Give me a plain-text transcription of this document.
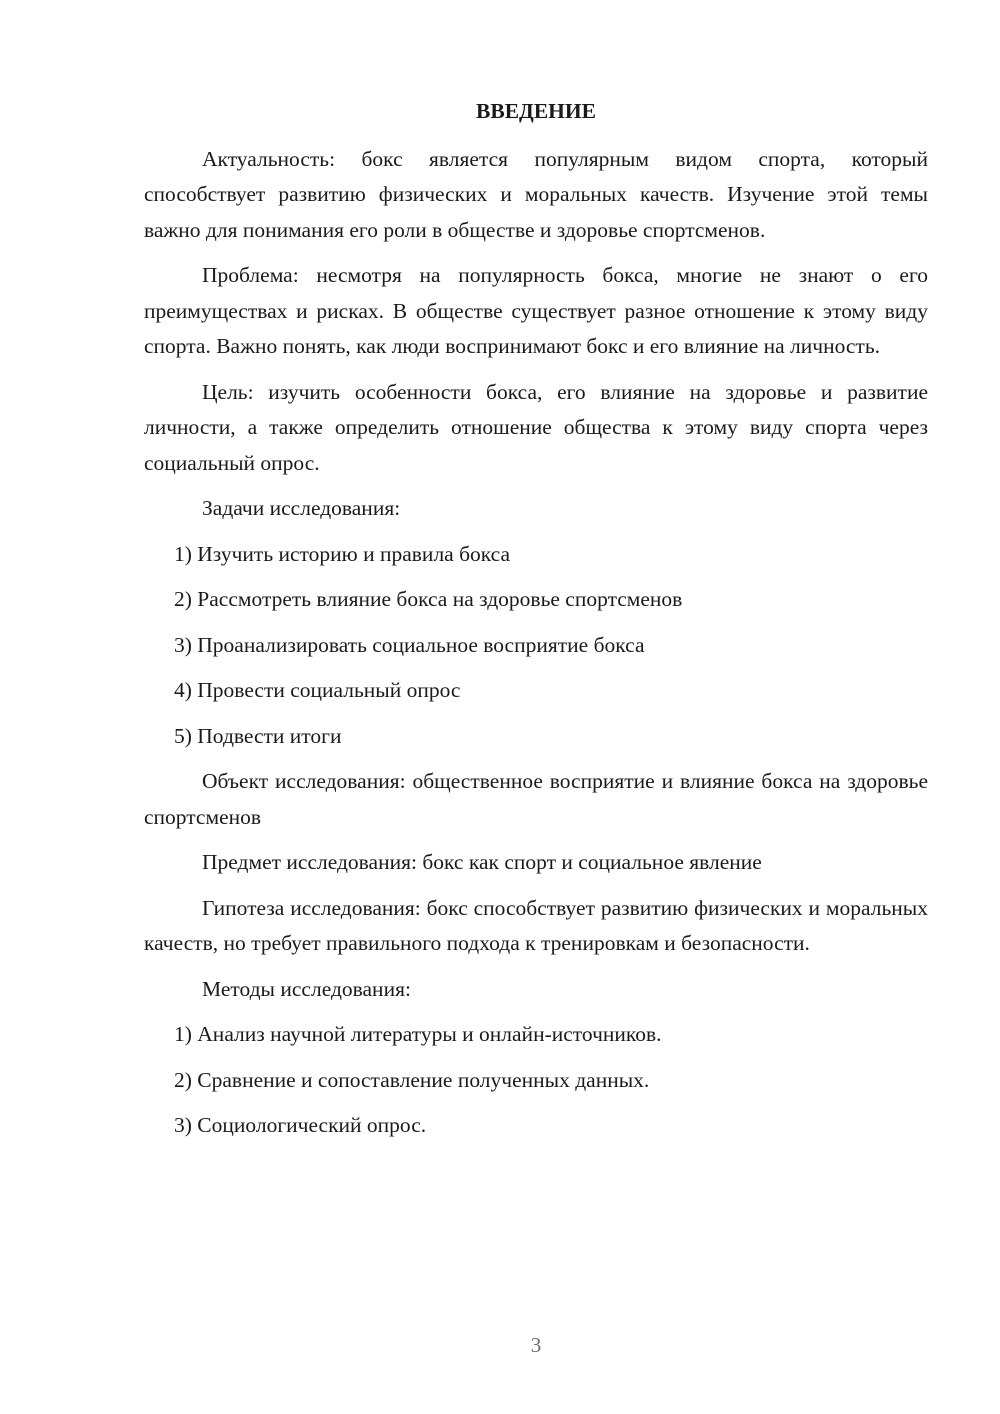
ВВЕДЕНИЕ

Актуальность: бокс является популярным видом спорта, который способствует развитию физических и моральных качеств. Изучение этой темы важно для понимания его роли в обществе и здоровье спортсменов.

Проблема: несмотря на популярность бокса, многие не знают о его преимуществах и рисках. В обществе существует разное отношение к этому виду спорта. Важно понять, как люди воспринимают бокс и его влияние на личность.

Цель: изучить особенности бокса, его влияние на здоровье и развитие личности, а также определить отношение общества к этому виду спорта через социальный опрос.

Задачи исследования:

1) Изучить историю и правила бокса
2) Рассмотреть влияние бокса на здоровье спортсменов
3) Проанализировать социальное восприятие бокса
4) Провести социальный опрос
5) Подвести итоги

Объект исследования: общественное восприятие и влияние бокса на здоровье спортсменов

Предмет исследования: бокс как спорт и социальное явление

Гипотеза исследования: бокс способствует развитию физических и моральных качеств, но требует правильного подхода к тренировкам и безопасности.

Методы исследования:

1) Анализ научной литературы и онлайн-источников.
2) Сравнение и сопоставление полученных данных.
3) Социологический опрос.
3
